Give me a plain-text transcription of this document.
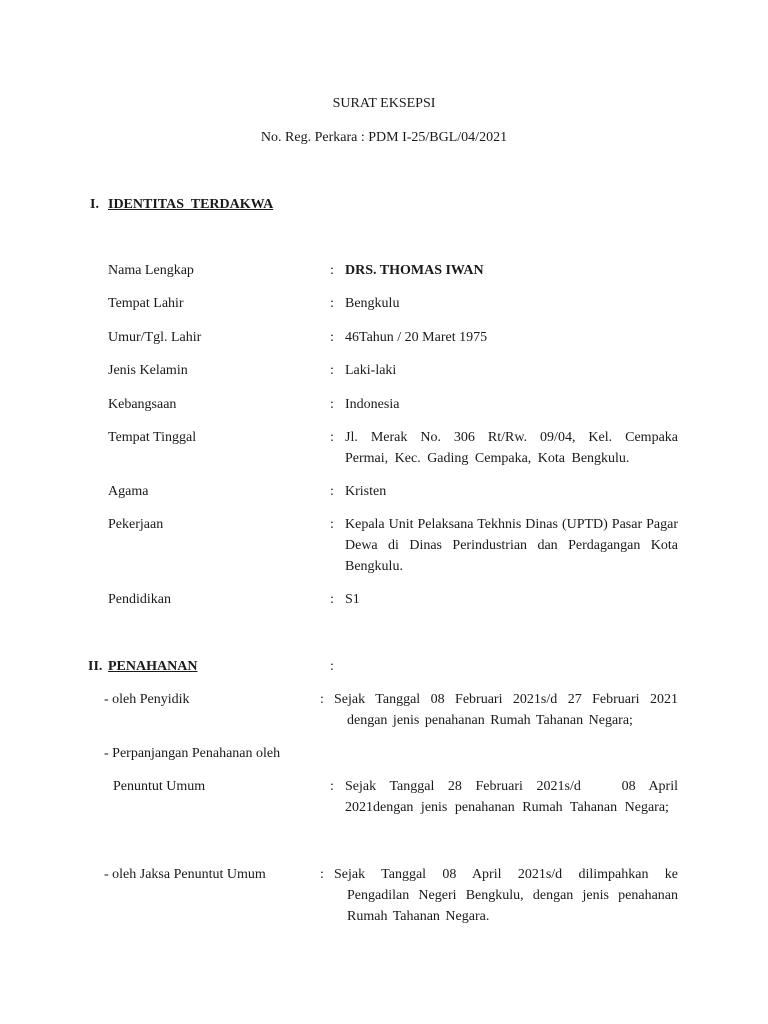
SURAT EKSEPSI
No. Reg. Perkara : PDM I-25/BGL/04/2021
I. IDENTITAS  TERDAKWA
Nama Lengkap	: DRS. THOMAS IWAN
Tempat Lahir	: Bengkulu
Umur/Tgl. Lahir	: 46Tahun / 20 Maret 1975
Jenis Kelamin	: Laki-laki
Kebangsaan	: Indonesia
Tempat Tinggal	: Jl. Merak No. 306 Rt/Rw. 09/04, Kel. Cempaka Permai, Kec. Gading Cempaka, Kota Bengkulu.
Agama	: Kristen
Pekerjaan	: Kepala Unit Pelaksana Tekhnis Dinas (UPTD) Pasar Pagar Dewa di Dinas Perindustrian dan Perdagangan Kota Bengkulu.
Pendidikan	: S1
II. PENAHANAN	:
- oleh Penyidik	: Sejak Tanggal 08 Februari 2021s/d 27 Februari 2021 dengan jenis penahanan Rumah Tahanan Negara;
- Perpanjangan Penahanan oleh
Penuntut Umum	: Sejak Tanggal 28 Februari 2021s/d   08 April 2021dengan jenis penahanan Rumah Tahanan Negara;
- oleh Jaksa Penuntut Umum	: Sejak Tanggal 08 April 2021s/d dilimpahkan ke Pengadilan Negeri Bengkulu, dengan jenis penahanan Rumah Tahanan Negara.
